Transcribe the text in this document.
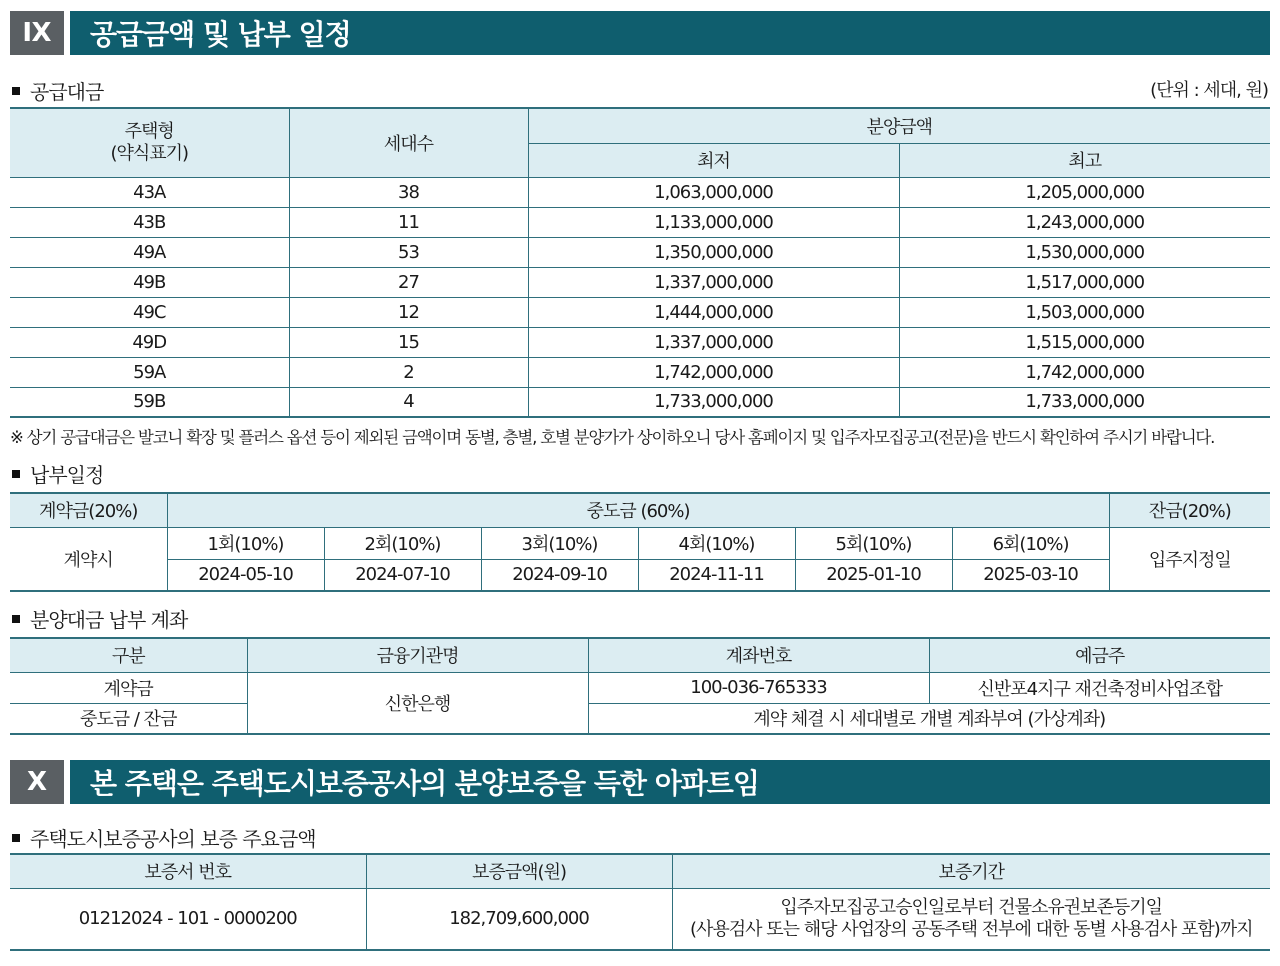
Ⅸ	공급금액 및 납부 일정
공급대금	(단위 : 세대, 원)
주택형
(약식표기)	세대수	분양금액	
		최저	최고
43A	38	1,063,000,000	1,205,000,000
43B	11	1,133,000,000	1,243,000,000
49A	53	1,350,000,000	1,530,000,000
49B	27	1,337,000,000	1,517,000,000
49C	12	1,444,000,000	1,503,000,000
49D	15	1,337,000,000	1,515,000,000
59A	2	1,742,000,000	1,742,000,000
59B	4	1,733,000,000	1,733,000,000
※ 상기 공급대금은 발코니 확장 및 플러스 옵션 등이 제외된 금액이며 동별, 층별, 호별 분양가가 상이하오니 당사 홈페이지 및 입주자모집공고(전문)을 반드시 확인하여 주시기 바랍니다.
납부일정
계약금(20%)	중도금 (60%)						잔금(20%)
계약시	1회(10%)	2회(10%)	3회(10%)	4회(10%)	5회(10%)	6회(10%)	입주지정일
	2024-05-10	2024-07-10	2024-09-10	2024-11-11	2025-01-10	2025-03-10	
분양대금 납부 계좌
구분	금융기관명	계좌번호	예금주
계약금	신한은행	100-036-765333	신반포4지구 재건축정비사업조합
중도금 / 잔금		계약 체결 시 세대별로 개별 계좌부여 (가상계좌)	
Ⅹ	본 주택은 주택도시보증공사의 분양보증을 득한 아파트임
주택도시보증공사의 보증 주요금액
보증서 번호	보증금액(원)	보증기간
01212024 - 101 - 0000200	182,709,600,000	입주자모집공고승인일로부터 건물소유권보존등기일
(사용검사 또는 해당 사업장의 공동주택 전부에 대한 동별 사용검사 포함)까지
